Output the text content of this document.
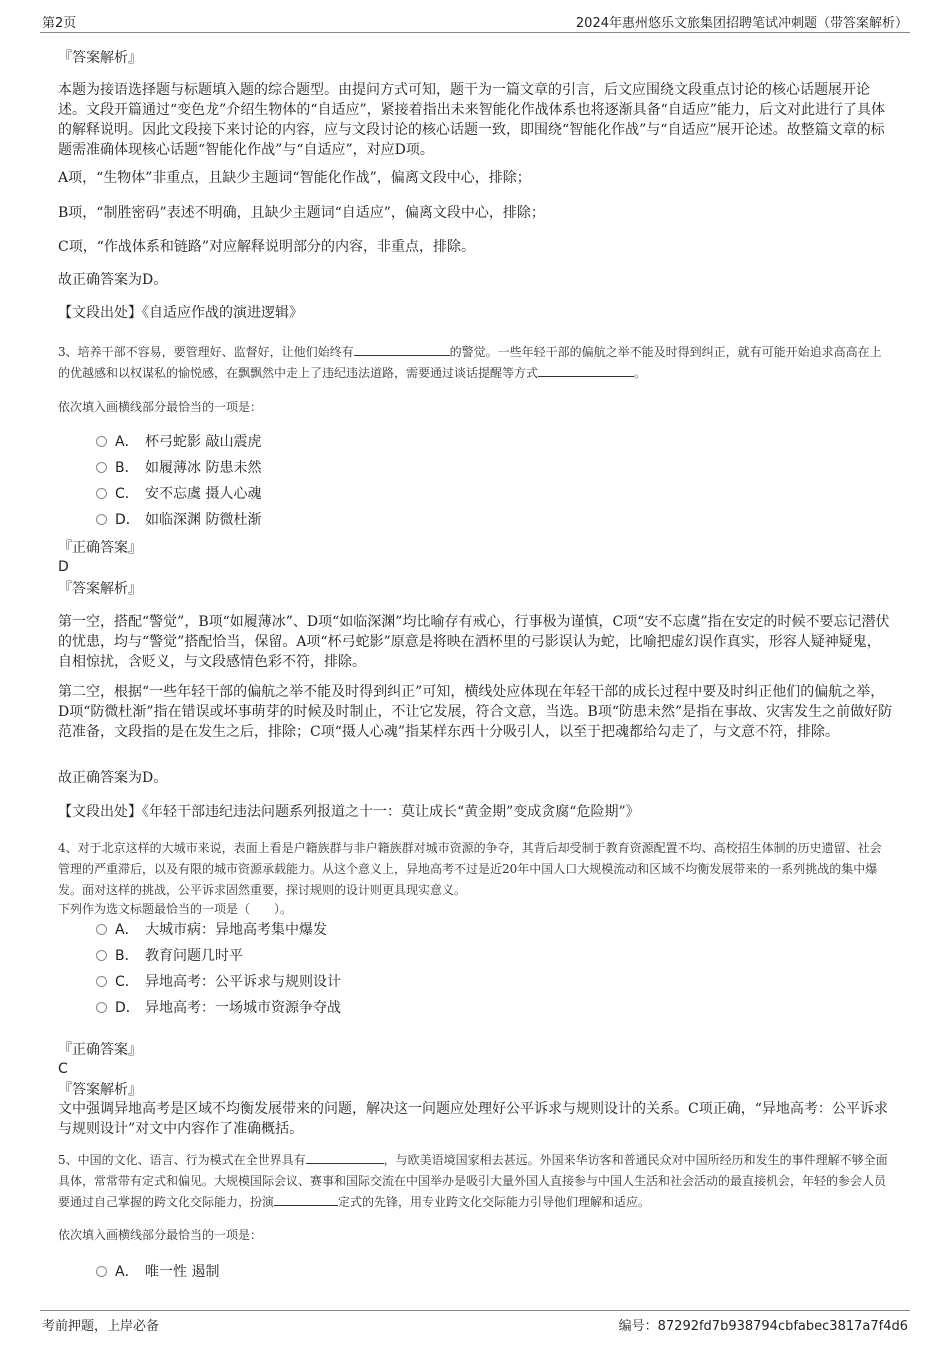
第2页	2024年惠州悠乐文旅集团招聘笔试冲刺题（带答案解析）
『答案解析』

本题为接语选择题与标题填入题的综合题型。由提问方式可知，题干为一篇文章的引言，后文应围绕文段重点讨论的核心话题展开论述。文段开篇通过“变色龙”介绍生物体的“自适应”，紧接着指出未来智能化作战体系也将逐渐具备“自适应”能力，后文对此进行了具体的解释说明。因此文段接下来讨论的内容，应与文段讨论的核心话题一致，即围绕“智能化作战”与“自适应”展开论述。故整篇文章的标题需准确体现核心话题“智能化作战”与“自适应”，对应D项。

A项，“生物体”非重点，且缺少主题词“智能化作战”，偏离文段中心，排除；

B项，“制胜密码”表述不明确，且缺少主题词“自适应”，偏离文段中心，排除；

C项，“作战体系和链路”对应解释说明部分的内容，非重点，排除。

故正确答案为D。

【文段出处】《自适应作战的演进逻辑》

3、培养干部不容易，要管理好、监督好，让他们始终有	的警觉。一些年轻干部的偏航之举不能及时得到纠正，就有可能开始追求高高在上的优越感和以权谋私的愉悦感，在飘飘然中走上了违纪违法道路，需要通过谈话提醒等方式	。

依次填入画横线部分最恰当的一项是：

A． 杯弓蛇影 敲山震虎
B． 如履薄冰 防患未然
C． 安不忘虞 摄人心魂
D． 如临深渊 防微杜渐
『正确答案』
D
『答案解析』

第一空，搭配“警觉”，B项“如履薄冰”、D项“如临深渊”均比喻存有戒心，行事极为谨慎，C项“安不忘虞”指在安定的时候不要忘记潜伏的忧患，均与“警觉”搭配恰当，保留。A项“杯弓蛇影”原意是将映在酒杯里的弓影误认为蛇，比喻把虚幻误作真实，形容人疑神疑鬼，自相惊扰，含贬义，与文段感情色彩不符，排除。

第二空，根据“一些年轻干部的偏航之举不能及时得到纠正”可知，横线处应体现在年轻干部的成长过程中要及时纠正他们的偏航之举，D项“防微杜渐”指在错误或坏事萌芽的时候及时制止，不让它发展，符合文意，当选。B项“防患未然”是指在事故、灾害发生之前做好防范准备，文段指的是在发生之后，排除；C项“摄人心魂”指某样东西十分吸引人，以至于把魂都给勾走了，与文意不符，排除。

故正确答案为D。

【文段出处】《年轻干部违纪违法问题系列报道之十一：莫让成长“黄金期”变成贪腐“危险期”》

4、对于北京这样的大城市来说，表面上看是户籍族群与非户籍族群对城市资源的争夺，其背后却受制于教育资源配置不均、高校招生体制的历史遗留、社会管理的严重滞后，以及有限的城市资源承载能力。从这个意义上，异地高考不过是近20年中国人口大规模流动和区域不均衡发展带来的一系列挑战的集中爆发。面对这样的挑战，公平诉求固然重要，探讨规则的设计则更具现实意义。

下列作为选文标题最恰当的一项是（　　）。

A． 大城市病：异地高考集中爆发
B． 教育问题几时平
C． 异地高考：公平诉求与规则设计
D． 异地高考：一场城市资源争夺战
『正确答案』
C
『答案解析』

文中强调异地高考是区域不均衡发展带来的问题，解决这一问题应处理好公平诉求与规则设计的关系。C项正确，“异地高考：公平诉求与规则设计”对文中内容作了准确概括。

5、中国的文化、语言、行为模式在全世界具有	，与欧美语境国家相去甚远。外国来华访客和普通民众对中国所经历和发生的事件理解不够全面具体，常常带有定式和偏见。大规模国际会议、赛事和国际交流在中国举办是吸引大量外国人直接参与中国人生活和社会活动的最直接机会，年轻的参会人员要通过自己掌握的跨文化交际能力，扮演	定式的先锋，用专业跨文化交际能力引导他们理解和适应。

依次填入画横线部分最恰当的一项是：

A． 唯一性 遏制
考前押题，上岸必备	编号：87292fd7b938794cbfabec3817a7f4d6
